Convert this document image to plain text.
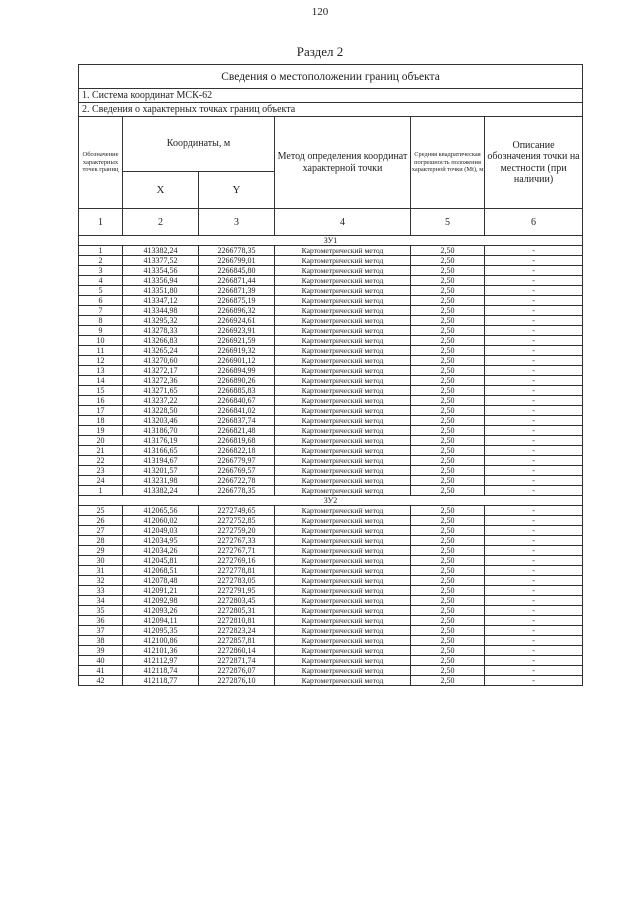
120
Раздел 2
Сведения о местоположении границ объекта					
1. Система координат МСК-62					
2. Сведения о характерных точках границ объекта					
Обозначение характерных точек границ	Координаты, м		Метод определения координат характерной точки	Средняя квадратическая погрешность положения характерной точки (Mt), м	Описание обозначения точки на местности (при наличии)
	X	Y			
1	2	3	4	5	6
ЗУ1					
1	413382,24	2266778,35	Картометрический метод	2,50	-
2	413377,52	2266799,01	Картометрический метод	2,50	-
3	413354,56	2266845,80	Картометрический метод	2,50	-
4	413356,94	2266871,44	Картометрический метод	2,50	-
5	413351,80	2266871,39	Картометрический метод	2,50	-
6	413347,12	2266875,19	Картометрический метод	2,50	-
7	413344,98	2266896,32	Картометрический метод	2,50	-
8	413295,32	2266924,61	Картометрический метод	2,50	-
9	413278,33	2266923,91	Картометрический метод	2,50	-
10	413266,83	2266921,59	Картометрический метод	2,50	-
11	413265,24	2266919,32	Картометрический метод	2,50	-
12	413270,60	2266901,12	Картометрический метод	2,50	-
13	413272,17	2266894,99	Картометрический метод	2,50	-
14	413272,36	2266890,26	Картометрический метод	2,50	-
15	413271,65	2266885,83	Картометрический метод	2,50	-
16	413237,22	2266840,67	Картометрический метод	2,50	-
17	413228,50	2266841,02	Картометрический метод	2,50	-
18	413203,46	2266837,74	Картометрический метод	2,50	-
19	413186,70	2266821,48	Картометрический метод	2,50	-
20	413176,19	2266819,68	Картометрический метод	2,50	-
21	413166,65	2266822,18	Картометрический метод	2,50	-
22	413194,67	2266779,97	Картометрический метод	2,50	-
23	413201,57	2266769,57	Картометрический метод	2,50	-
24	413231,98	2266722,78	Картометрический метод	2,50	-
1	413382,24	2266778,35	Картометрический метод	2,50	-
ЗУ2					
25	412065,56	2272749,65	Картометрический метод	2,50	-
26	412060,02	2272752,85	Картометрический метод	2,50	-
27	412049,03	2272759,20	Картометрический метод	2,50	-
28	412034,95	2272767,33	Картометрический метод	2,50	-
29	412034,26	2272767,71	Картометрический метод	2,50	-
30	412045,81	2272769,16	Картометрический метод	2,50	-
31	412068,51	2272778,81	Картометрический метод	2,50	-
32	412078,48	2272783,05	Картометрический метод	2,50	-
33	412091,21	2272791,95	Картометрический метод	2,50	-
34	412092,98	2272803,45	Картометрический метод	2,50	-
35	412093,26	2272805,31	Картометрический метод	2,50	-
36	412094,11	2272810,81	Картометрический метод	2,50	-
37	412095,35	2272823,24	Картометрический метод	2,50	-
38	412100,86	2272857,81	Картометрический метод	2,50	-
39	412101,36	2272860,14	Картометрический метод	2,50	-
40	412112,97	2272871,74	Картометрический метод	2,50	-
41	412118,74	2272876,07	Картометрический метод	2,50	-
42	412118,77	2272876,10	Картометрический метод	2,50	-
